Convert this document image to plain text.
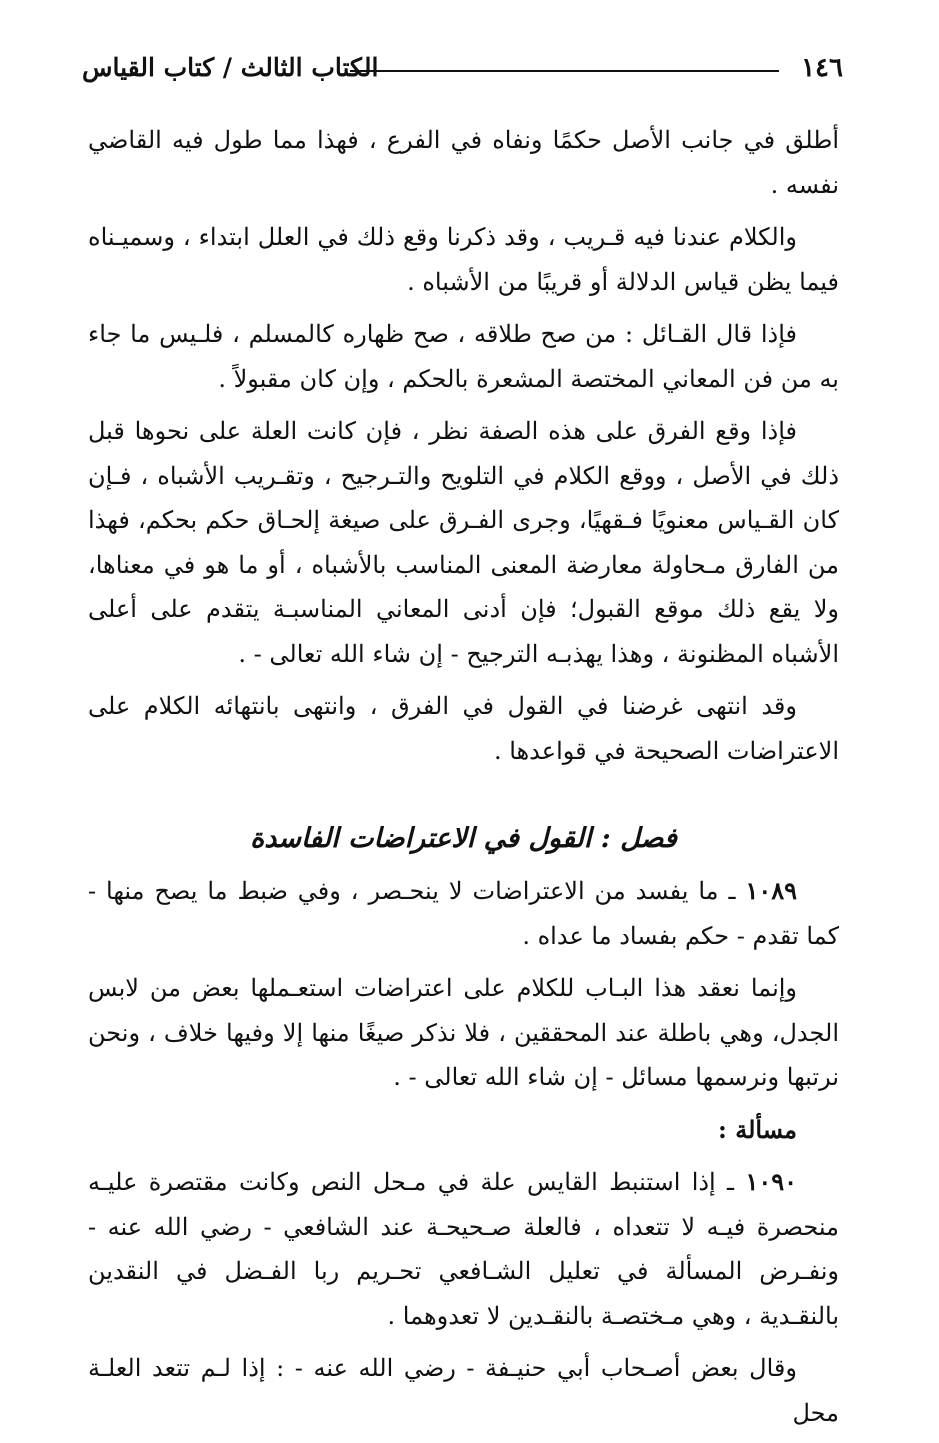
١٤٦
الكتاب الثالث / كتاب القياس

أطلق في جانب الأصل حكمًا ونفاه في الفرع ، فهذا مما طول فيه القاضي نفسه .

والكلام عندنا فيه قـريب ، وقد ذكرنا وقع ذلك في العلل ابتداء ، وسميـناه فيما يظن قياس الدلالة أو قريبًا من الأشباه .

فإذا قال القـائل : من صح طلاقه ، صح ظهاره كالمسلم ، فلـيس ما جاء به من فن المعاني المختصة المشعرة بالحكم ، وإن كان مقبولاً .

فإذا وقع الفرق على هذه الصفة نظر ، فإن كانت العلة على نحوها قبل ذلك في الأصل ، ووقع الكلام في التلويح والتـرجيح ، وتقـريب الأشباه ، فـإن كان القـياس معنويًا فـقهيًا، وجرى الفـرق على صيغة إلحـاق حكم بحكم، فهذا من الفارق مـحاولة معارضة المعنى المناسب بالأشباه ، أو ما هو في معناها، ولا يقع ذلك موقع القبول؛ فإن أدنى المعاني المناسبـة يتقدم على أعلى الأشباه المظنونة ، وهذا يهذبـه الترجيح - إن شاء الله تعالى - .

وقد انتهى غرضنا في القول في الفرق ، وانتهى بانتهائه الكلام على الاعتراضات الصحيحة في قواعدها .

فصل : القول في الاعتراضات الفاسدة

١٠٨٩ ـ ما يفسد من الاعتراضات لا ينحـصر ، وفي ضبط ما يصح منها - كما تقدم - حكم بفساد ما عداه .

وإنما نعقد هذا البـاب للكلام على اعتراضات استعـملها بعض من لابس الجدل، وهي باطلة عند المحققين ، فلا نذكر صيغًا منها إلا وفيها خلاف ، ونحن نرتبها ونرسمها مسائل - إن شاء الله تعالى - .

مسألة :

١٠٩٠ ـ إذا استنبط القايس علة في مـحل النص وكانت مقتصرة عليـه منحصرة فيـه لا تتعداه ، فالعلة صـحيحـة عند الشافعي - رضي الله عنه - ونفـرض المسألة في تعليل الشـافعي تحـريم ربا الفـضل في النقدين بالنقـدية ، وهي مـختصـة بالنقـدين لا تعدوهما .

وقال بعض أصـحاب أبي حنيـفة - رضي الله عنه - : إذا لـم تتعد العلـة محل
